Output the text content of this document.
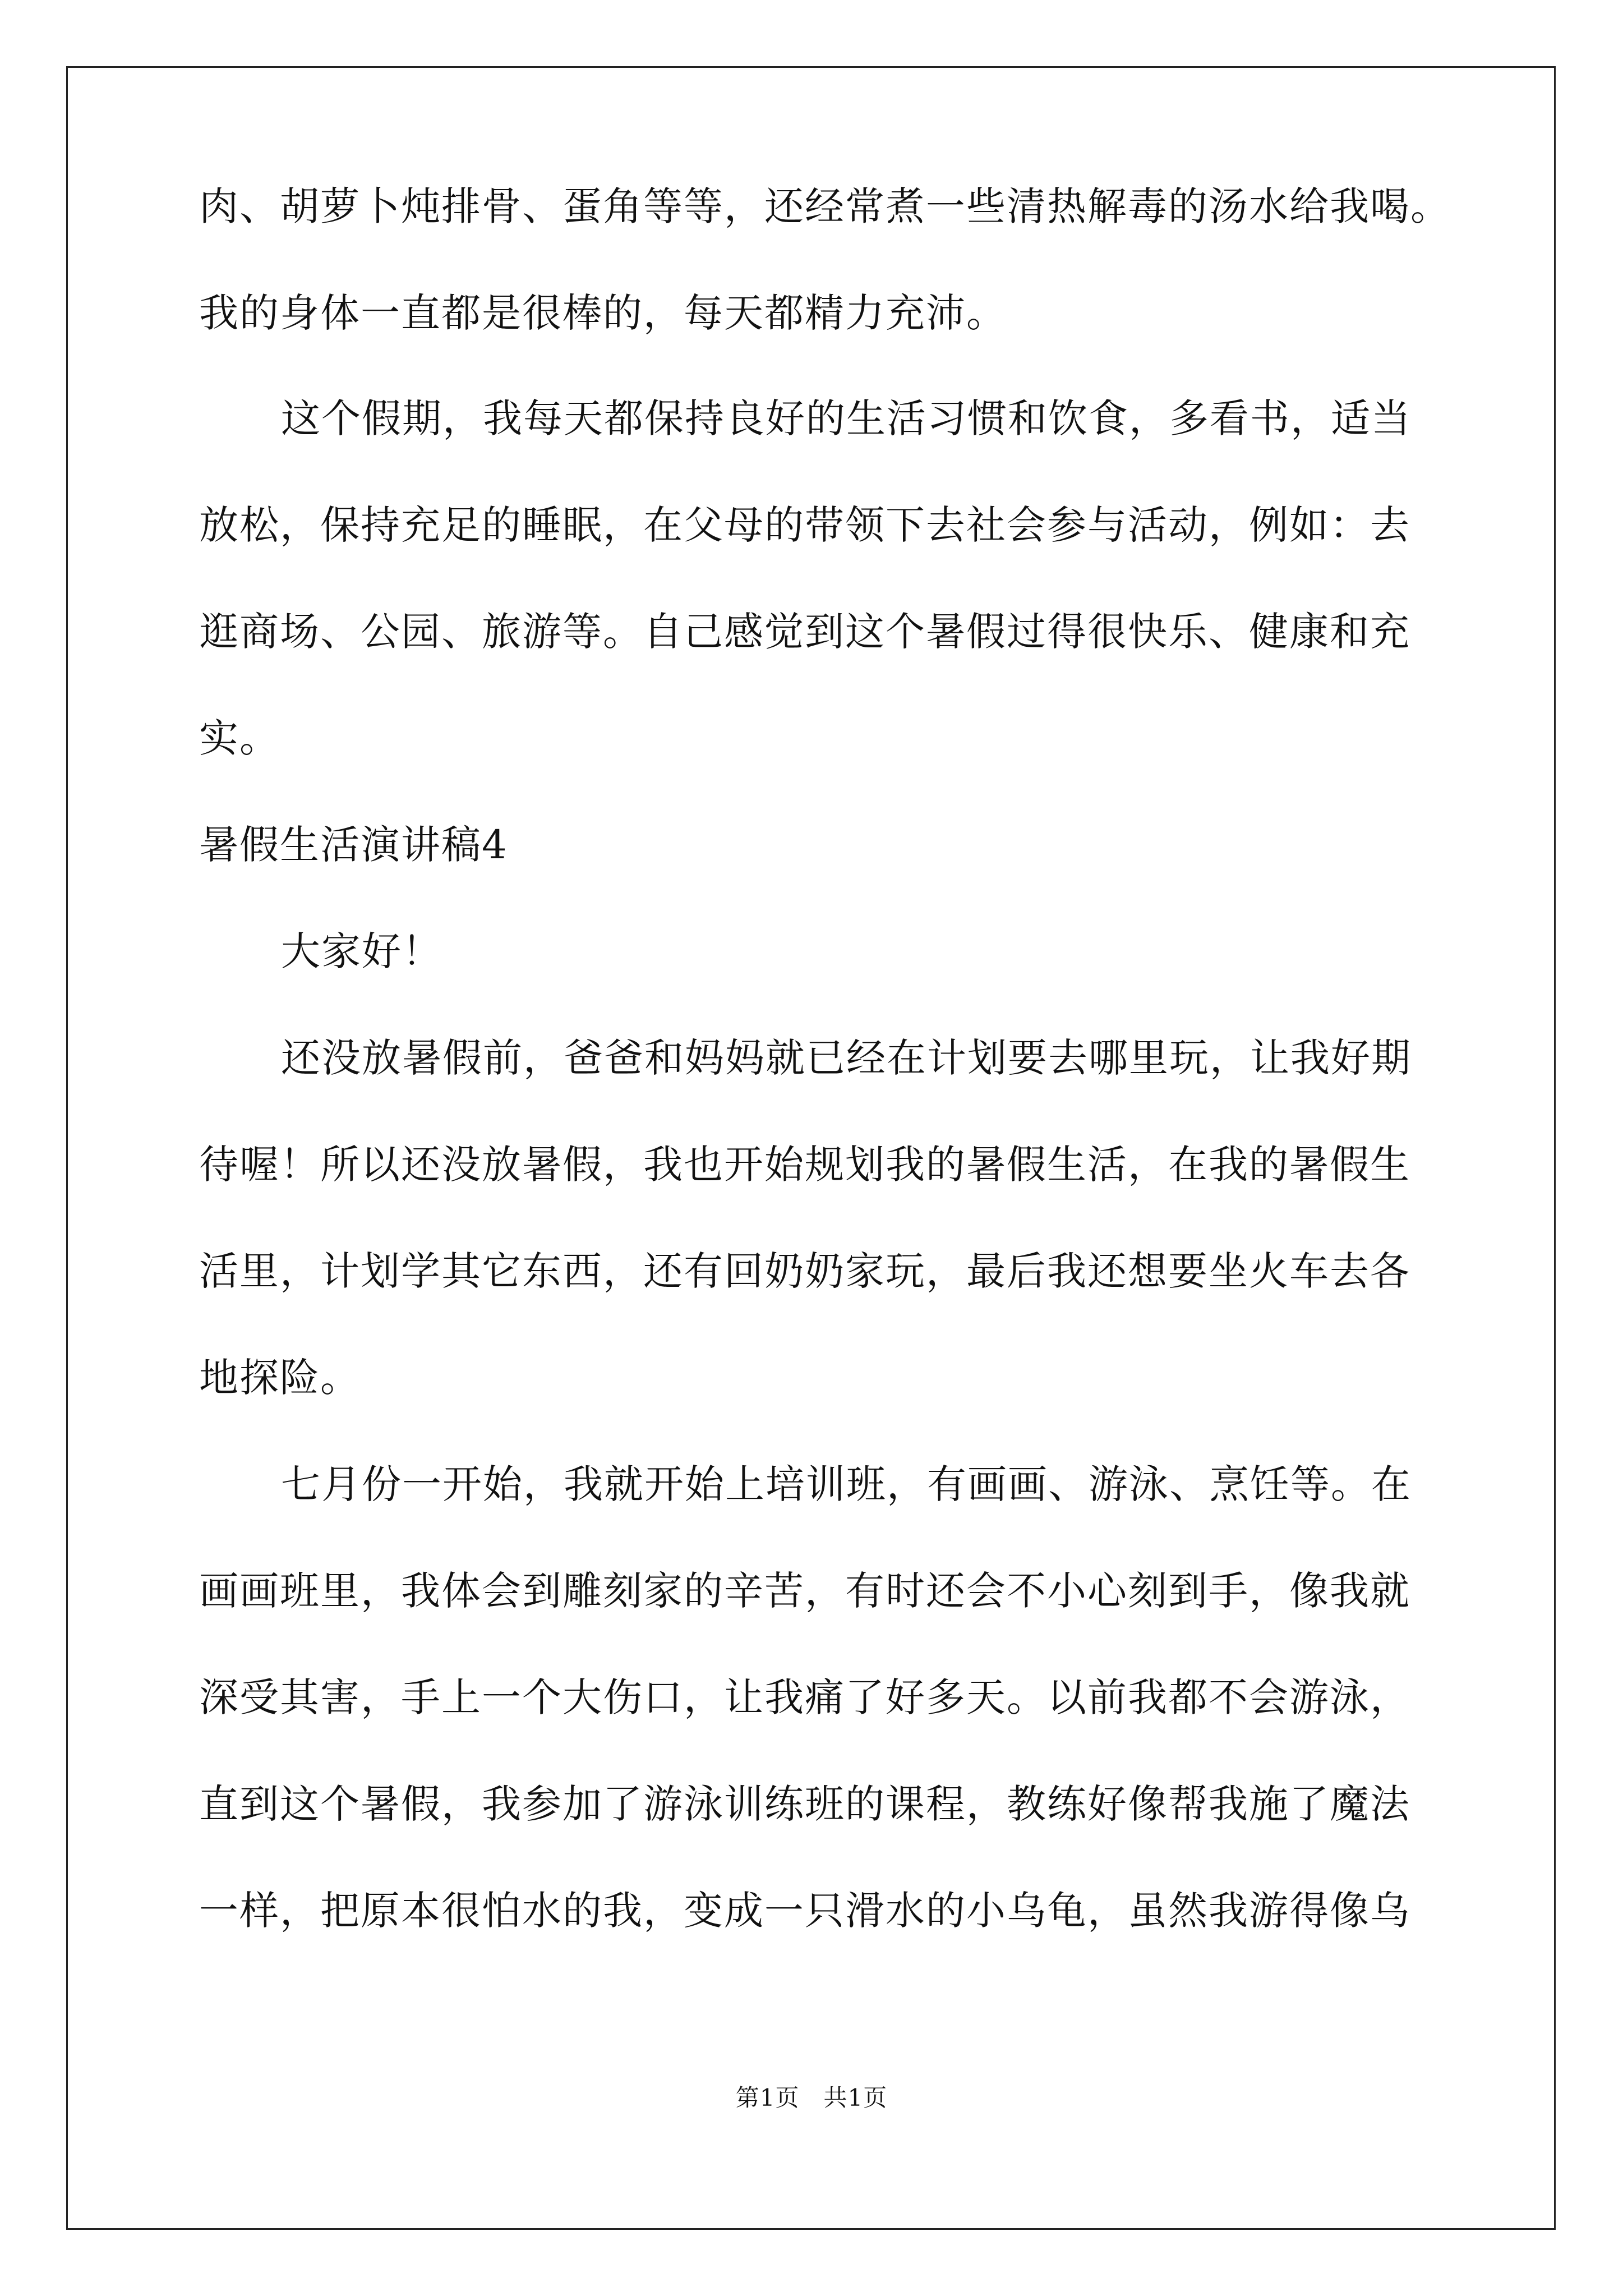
肉、胡萝卜炖排骨、蛋角等等，还经常煮一些清热解毒的汤水给我喝。
我的身体一直都是很棒的，每天都精力充沛。
这个假期，我每天都保持良好的生活习惯和饮食，多看书，适当
放松，保持充足的睡眠，在父母的带领下去社会参与活动，例如：去
逛商场、公园、旅游等。自己感觉到这个暑假过得很快乐、健康和充
实。
暑假生活演讲稿4
大家好！
还没放暑假前，爸爸和妈妈就已经在计划要去哪里玩，让我好期
待喔！所以还没放暑假，我也开始规划我的暑假生活，在我的暑假生
活里，计划学其它东西，还有回奶奶家玩，最后我还想要坐火车去各
地探险。
七月份一开始，我就开始上培训班，有画画、游泳、烹饪等。在
画画班里，我体会到雕刻家的辛苦，有时还会不小心刻到手，像我就
深受其害，手上一个大伤口，让我痛了好多天。以前我都不会游泳，
直到这个暑假，我参加了游泳训练班的课程，教练好像帮我施了魔法
一样，把原本很怕水的我，变成一只滑水的小乌龟，虽然我游得像乌
第1页　共1页
